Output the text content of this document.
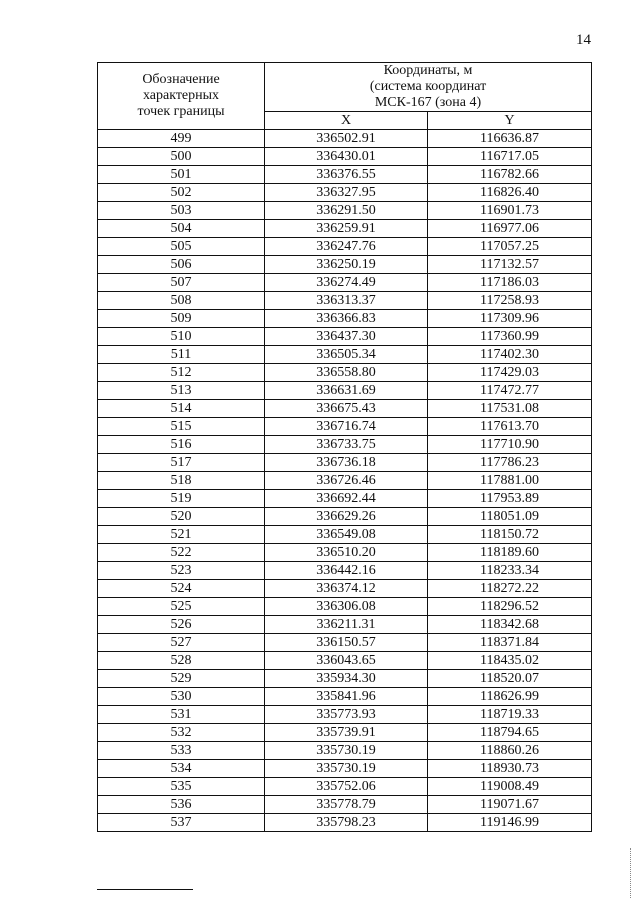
14
Обозначение
характерных
точек границы	Координаты, м
(система координат
МСК-167 (зона 4)	

	X	Y
499	336502.91	116636.87
500	336430.01	116717.05
501	336376.55	116782.66
502	336327.95	116826.40
503	336291.50	116901.73
504	336259.91	116977.06
505	336247.76	117057.25
506	336250.19	117132.57
507	336274.49	117186.03
508	336313.37	117258.93
509	336366.83	117309.96
510	336437.30	117360.99
511	336505.34	117402.30
512	336558.80	117429.03
513	336631.69	117472.77
514	336675.43	117531.08
515	336716.74	117613.70
516	336733.75	117710.90
517	336736.18	117786.23
518	336726.46	117881.00
519	336692.44	117953.89
520	336629.26	118051.09
521	336549.08	118150.72
522	336510.20	118189.60
523	336442.16	118233.34
524	336374.12	118272.22
525	336306.08	118296.52
526	336211.31	118342.68
527	336150.57	118371.84
528	336043.65	118435.02
529	335934.30	118520.07
530	335841.96	118626.99
531	335773.93	118719.33
532	335739.91	118794.65
533	335730.19	118860.26
534	335730.19	118930.73
535	335752.06	119008.49
536	335778.79	119071.67
537	335798.23	119146.99
